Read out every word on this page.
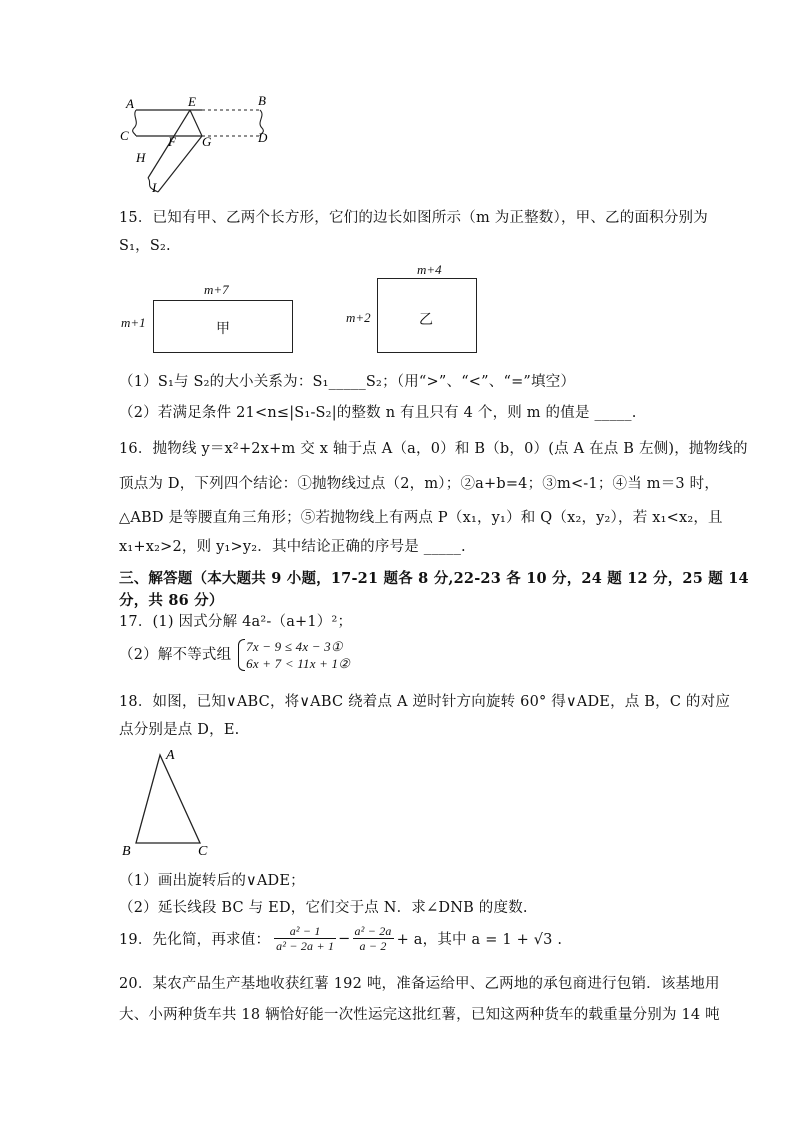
A	E	B
C	F G	D
H
I
15．已知有甲、乙两个长方形，它们的边长如图所示（m 为正整数），甲、乙的面积分别为
S₁，S₂.
m+7
m+1	甲
m+4
m+2	乙
（1）S₁与 S₂的大小关系为：S₁_____S₂；（用“>”、“<”、“=”填空）
（2）若满足条件 21<n≤|S₁-S₂|的整数 n 有且只有 4 个，则 m 的值是 _____.
16．抛物线 y＝x²+2x+m 交 x 轴于点 A（a，0）和 B（b，0）(点 A 在点 B 左侧)，抛物线的
顶点为 D，下列四个结论：①抛物线过点（2，m）；②a+b=4；③m<-1；④当 m＝3 时，
△ABD 是等腰直角三角形；⑤若抛物线上有两点 P（x₁，y₁）和 Q（x₂，y₂），若 x₁<x₂，且
x₁+x₂>2，则 y₁>y₂．其中结论正确的序号是 _____.
三、解答题（本大题共 9 小题，17-21 题各 8 分,22-23 各 10 分，24 题 12 分，25 题 14
分，共 86 分）
17．(1) 因式分解 4a²-（a+1）²；
（2）解不等式组
7x − 9 ≤ 4x − 3①
6x + 7 < 11x + 1②
18．如图，已知∨ABC，将∨ABC 绕着点 A 逆时针方向旋转 60° 得∨ADE，点 B，C 的对应
点分别是点 D，E.
A
B	C
（1）画出旋转后的∨ADE；
（2）延长线段 BC 与 ED，它们交于点 N．求∠DNB 的度数.
19．先化简，再求值： $\frac{\text{a² − 1}}{\text{a² − 2a + 1}} - \frac{\text{a² − 2a}}{a - 2} + a$，其中 a = 1 + √3 .
20．某农产品生产基地收获红薯 192 吨，准备运给甲、乙两地的承包商进行包销．该基地用
大、小两种货车共 18 辆恰好能一次性运完这批红薯，已知这两种货车的载重量分别为 14 吨
